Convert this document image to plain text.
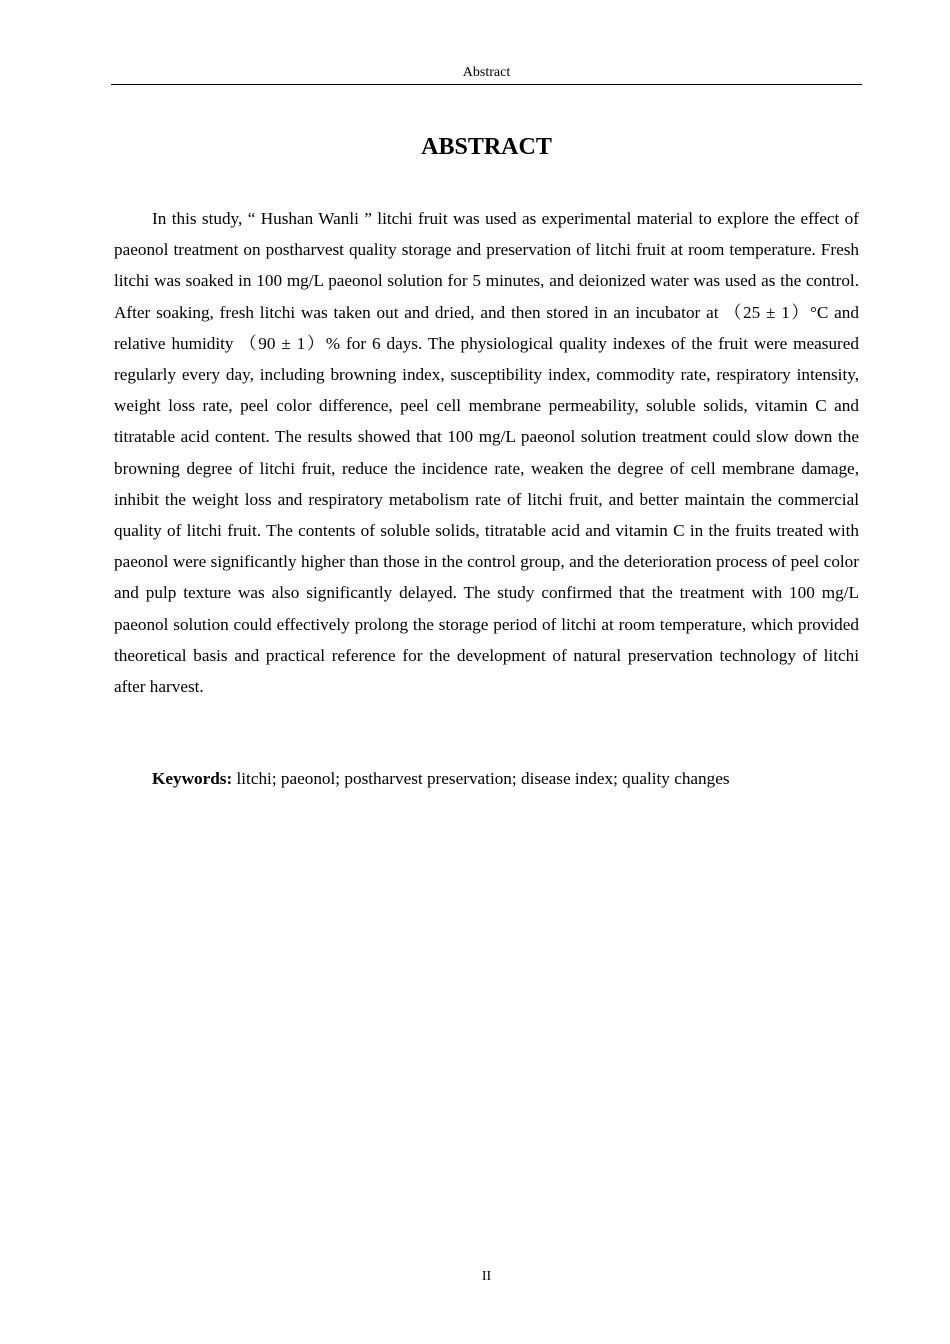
Abstract
ABSTRACT

In this study, “ Hushan Wanli ” litchi fruit was used as experimental material to explore the effect of paeonol treatment on postharvest quality storage and preservation of litchi fruit at room temperature. Fresh litchi was soaked in 100 mg/L paeonol solution for 5 minutes, and deionized water was used as the control. After soaking, fresh litchi was taken out and dried, and then stored in an incubator at （25 ± 1）°C and relative humidity （90 ± 1）% for 6 days. The physiological quality indexes of the fruit were measured regularly every day, including browning index, susceptibility index, commodity rate, respiratory intensity, weight loss rate, peel color difference, peel cell membrane permeability, soluble solids, vitamin C and titratable acid content. The results showed that 100 mg/L paeonol solution treatment could slow down the browning degree of litchi fruit, reduce the incidence rate, weaken the degree of cell membrane damage, inhibit the weight loss and respiratory metabolism rate of litchi fruit, and better maintain the commercial quality of litchi fruit. The contents of soluble solids, titratable acid and vitamin C in the fruits treated with paeonol were significantly higher than those in the control group, and the deterioration process of peel color and pulp texture was also significantly delayed. The study confirmed that the treatment with 100 mg/L paeonol solution could effectively prolong the storage period of litchi at room temperature, which provided theoretical basis and practical reference for the development of natural preservation technology of litchi after harvest.

Keywords: litchi; paeonol; postharvest preservation; disease index; quality changes

II
